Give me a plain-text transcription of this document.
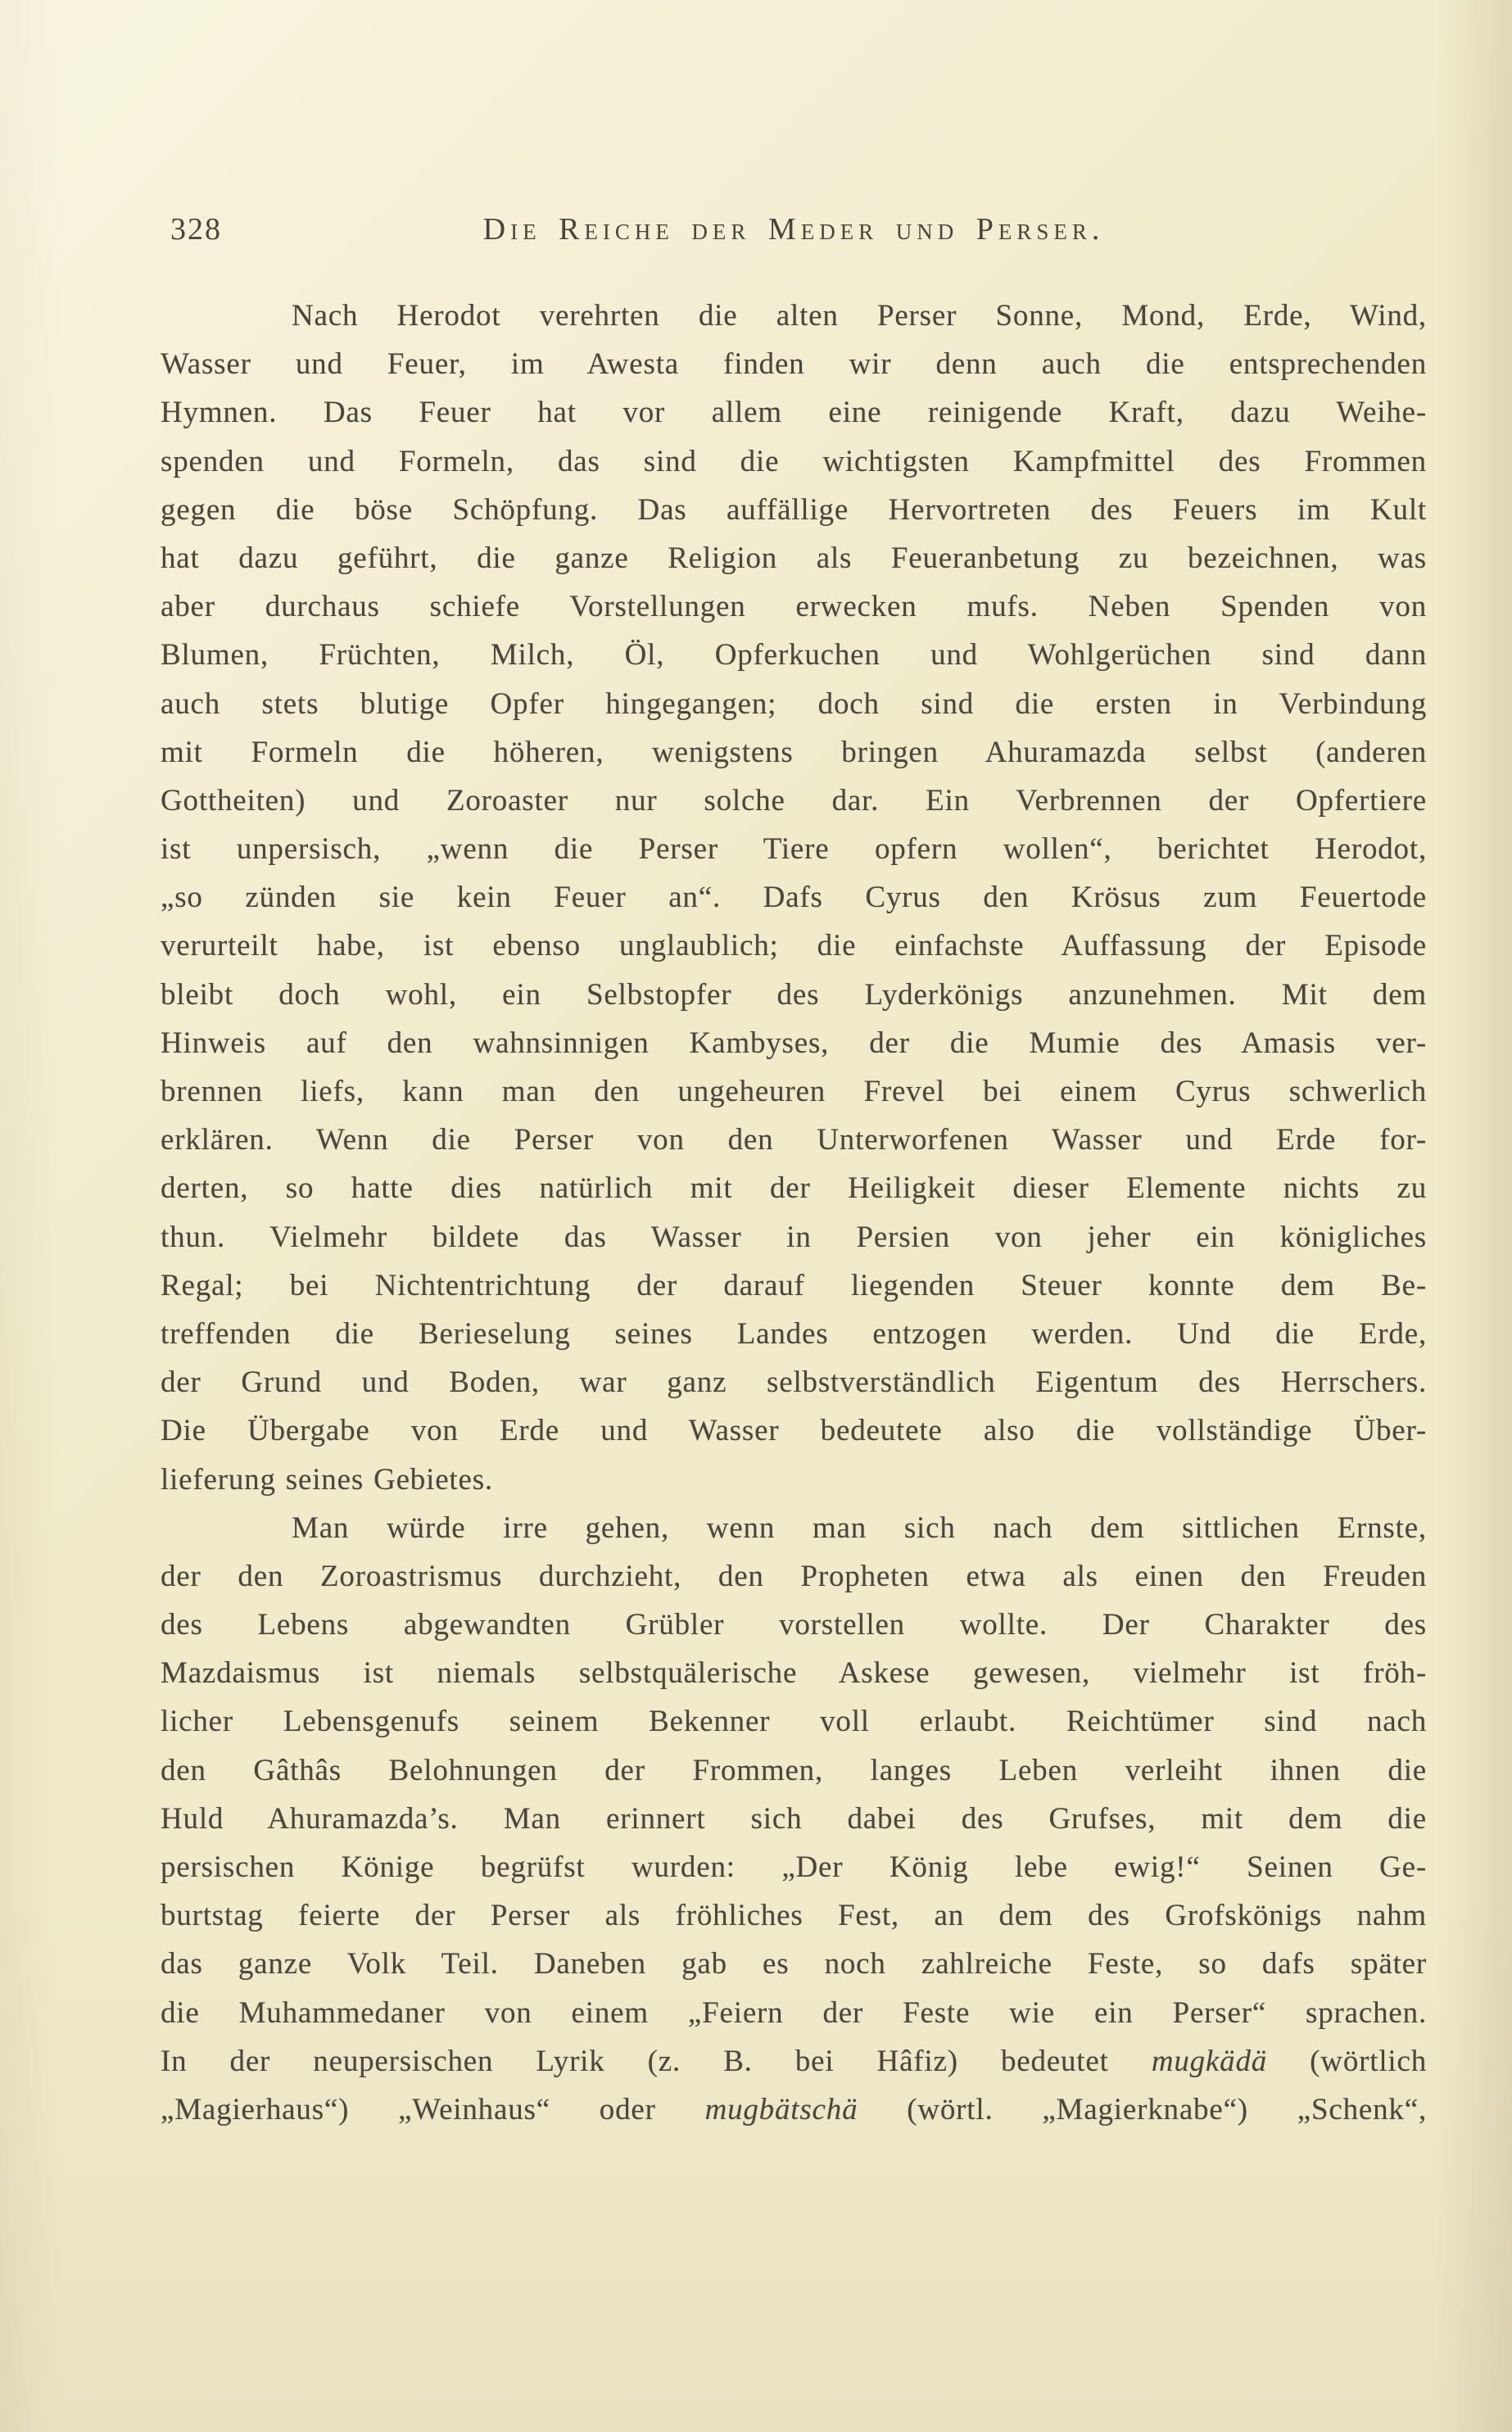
328	Die Reiche der Meder und Perser.
Nach Herodot verehrten die alten Perser Sonne, Mond, Erde, Wind,
Wasser und Feuer, im Awesta finden wir denn auch die entsprechenden
Hymnen. Das Feuer hat vor allem eine reinigende Kraft, dazu Weihe-
spenden und Formeln, das sind die wichtigsten Kampfmittel des Frommen
gegen die böse Schöpfung. Das auffällige Hervortreten des Feuers im Kult
hat dazu geführt, die ganze Religion als Feueranbetung zu bezeichnen, was
aber durchaus schiefe Vorstellungen erwecken mufs. Neben Spenden von
Blumen, Früchten, Milch, Öl, Opferkuchen und Wohlgerüchen sind dann
auch stets blutige Opfer hingegangen; doch sind die ersten in Verbindung
mit Formeln die höheren, wenigstens bringen Ahuramazda selbst (anderen
Gottheiten) und Zoroaster nur solche dar. Ein Verbrennen der Opfertiere
ist unpersisch, „wenn die Perser Tiere opfern wollen“, berichtet Herodot,
„so zünden sie kein Feuer an“. Dafs Cyrus den Krösus zum Feuertode
verurteilt habe, ist ebenso unglaublich; die einfachste Auffassung der Episode
bleibt doch wohl, ein Selbstopfer des Lyderkönigs anzunehmen. Mit dem
Hinweis auf den wahnsinnigen Kambyses, der die Mumie des Amasis ver-
brennen liefs, kann man den ungeheuren Frevel bei einem Cyrus schwerlich
erklären. Wenn die Perser von den Unterworfenen Wasser und Erde for-
derten, so hatte dies natürlich mit der Heiligkeit dieser Elemente nichts zu
thun. Vielmehr bildete das Wasser in Persien von jeher ein königliches
Regal; bei Nichtentrichtung der darauf liegenden Steuer konnte dem Be-
treffenden die Berieselung seines Landes entzogen werden. Und die Erde,
der Grund und Boden, war ganz selbstverständlich Eigentum des Herrschers.
Die Übergabe von Erde und Wasser bedeutete also die vollständige Über-
lieferung seines Gebietes.
Man würde irre gehen, wenn man sich nach dem sittlichen Ernste,
der den Zoroastrismus durchzieht, den Propheten etwa als einen den Freuden
des Lebens abgewandten Grübler vorstellen wollte. Der Charakter des
Mazdaismus ist niemals selbstquälerische Askese gewesen, vielmehr ist fröh-
licher Lebensgenufs seinem Bekenner voll erlaubt. Reichtümer sind nach
den Gâthâs Belohnungen der Frommen, langes Leben verleiht ihnen die
Huld Ahuramazda’s. Man erinnert sich dabei des Grufses, mit dem die
persischen Könige begrüfst wurden: „Der König lebe ewig!“ Seinen Ge-
burtstag feierte der Perser als fröhliches Fest, an dem des Grofskönigs nahm
das ganze Volk Teil. Daneben gab es noch zahlreiche Feste, so dafs später
die Muhammedaner von einem „Feiern der Feste wie ein Perser“ sprachen.
In der neupersischen Lyrik (z. B. bei Hâfiz) bedeutet mugkädä (wörtlich
„Magierhaus“) „Weinhaus“ oder mugbätschä (wörtl. „Magierknabe“) „Schenk“,
